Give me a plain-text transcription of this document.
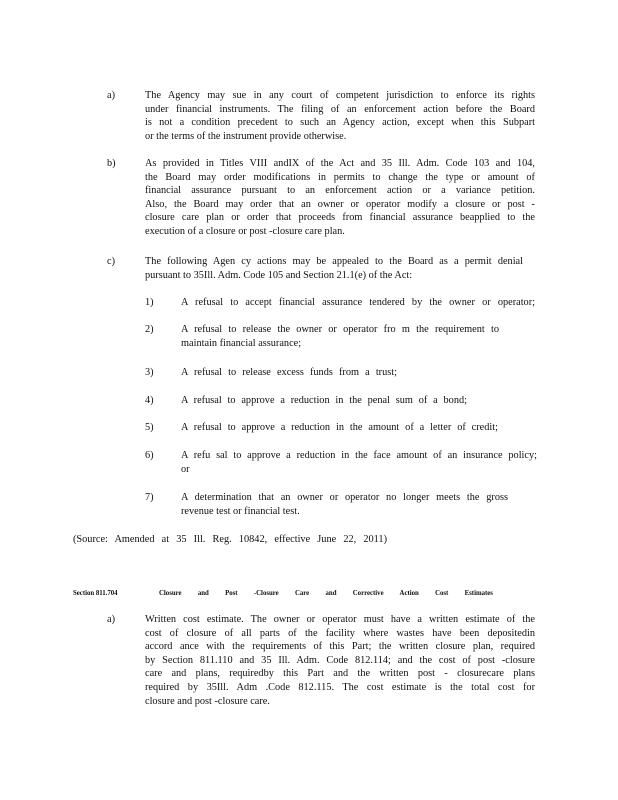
a)	The Agency may sue in any court of competent jurisdiction to enforce its rights
under financial instruments. The filing of an enforcement action before the Board
is not a condition precedent to such an Agency action, except when this Subpart
or the terms of the instrument provide otherwise.
b)	As provided in Titles VIII andIX of the Act and 35 Ill. Adm. Code 103 and 104,
the Board may order modifications in permits to change the type or amount of
financial assurance pursuant to an enforcement action or a variance petition.
Also, the Board may order that an owner or operator modify a closure or post -
closure care plan or order that proceeds from financial assurance beapplied to the
execution of a closure or post -closure care plan.
c)	The following Agen cy actions may be appealed to the Board as a permit denial
pursuant to 35Ill. Adm. Code 105 and Section 21.1(e) of the Act:
1)	A refusal to accept financial assurance tendered by the owner or operator;
2)	A refusal to release the owner or operator fro m the requirement to
maintain financial assurance;
3)	A refusal to release excess funds from a trust;
4)	A refusal to approve a reduction in the penal sum of a bond;
5)	A refusal to approve a reduction in the amount of a letter of credit;
6)	A refu sal to approve a reduction in the face amount of an insurance policy;
or
7)	A determination that an owner or operator no longer meets the gross
revenue test or financial test.
(Source: Amended at 35 Ill. Reg. 10842, effective June 22, 2011)
Section 811.704	Closure and Post -Closure Care and Corrective Action Cost Estimates
a)	Written cost estimate. The owner or operator must have a written estimate of the
cost of closure of all parts of the facility where wastes have been depositedin
accord ance with the requirements of this Part; the written closure plan, required
by Section 811.110 and 35 Ill. Adm. Code 812.114; and the cost of post -closure
care and plans, requiredby this Part and the written post - closurecare plans
required by 35Ill. Adm .Code 812.115. The cost estimate is the total cost for
closure and post -closure care.
